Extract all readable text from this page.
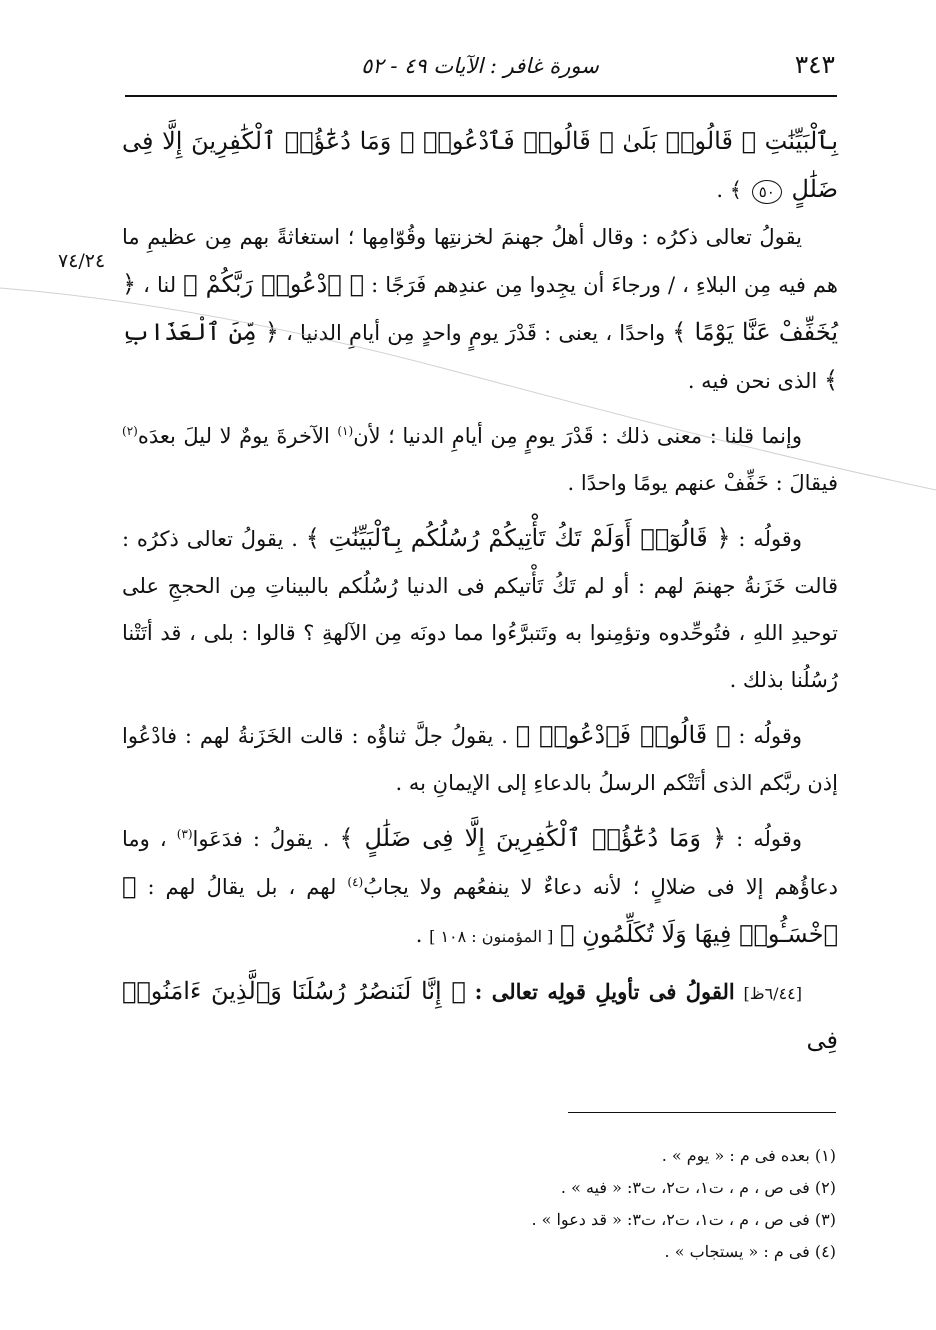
٣٤٣
سورة غافر : الآيات ٤٩ - ٥٢
٧٤/٢٤

بِٱلْبَيِّنَٰتِ ۖ قَالُوا۟ بَلَىٰ ۚ قَالُوا۟ فَٱدْعُوا۟ ۗ وَمَا دُعَٰٓؤُا۟ ٱلْكَٰفِرِينَ إِلَّا فِى ضَلَٰلٍ ٥٠ ﴾ .

يقولُ تعالى ذكرُه : وقال أهلُ جهنمَ لخزنتِها وقُوّامِها ؛ استغاثةً بهم مِن عظيمِ ما هم فيه مِن البلاءِ ، / ورجاءَ أن يجِدوا مِن عندِهم فَرَجًا : ﴿ ٱدْعُوا۟ رَبَّكُمْ ﴾ لنا ، ﴿ يُخَفِّفْ عَنَّا يَوْمًا ﴾ واحدًا ، يعنى : قَدْرَ يومٍ واحدٍ مِن أيامِ الدنيا ، ﴿ مِّنَ ٱلْعَذَابِ ﴾ الذى نحن فيه .

وإنما قلنا : معنى ذلك : قَدْرَ يومٍ مِن أيامِ الدنيا ؛ لأن$^{(١)}$ الآخرةَ يومٌ لا ليلَ بعدَه$^{(٢)}$ فيقالَ : خَفِّفْ عنهم يومًا واحدًا .

وقولُه : ﴿ قَالُوٓا۟ أَوَلَمْ تَكُ تَأْتِيكُمْ رُسُلُكُم بِٱلْبَيِّنَٰتِ ﴾ . يقولُ تعالى ذكرُه : قالت خَزَنةُ جهنمَ لهم : أو لم تَكُ تَأْتيكم فى الدنيا رُسُلُكم بالبيناتِ مِن الحججِ على توحيدِ اللهِ ، فتُوحِّدوه وتؤمِنوا به وتَتبرَّءُوا مما دونَه مِن الآلهةِ ؟ قالوا : بلى ، قد أتَتْنا رُسُلُنا بذلك .

وقولُه : ﴿ قَالُوا۟ فَٱدْعُوا۟ ﴾ . يقولُ جلَّ ثناؤُه : قالت الخَزَنةُ لهم : فادْعُوا إذن ربَّكم الذى أتَتْكم الرسلُ بالدعاءِ إلى الإيمانِ به .

وقولُه : ﴿ وَمَا دُعَٰٓؤُا۟ ٱلْكَٰفِرِينَ إِلَّا فِى ضَلَٰلٍ ﴾ . يقولُ : فدَعَوا$^{(٣)}$ ، وما دعاؤُهم إلا فى ضلالٍ ؛ لأنه دعاءٌ لا ينفعُهم ولا يجابُ$^{(٤)}$ لهم ، بل يقالُ لهم : ﴿ ٱخْسَـُٔوا۟ فِيهَا وَلَا تُكَلِّمُونِ ﴾ [ المؤمنون : ١٠٨ ] .

[٦/٤٤ظ] القولُ فى تأويلِ قولِه تعالى : ﴿ إِنَّا لَنَنصُرُ رُسُلَنَا وَٱلَّذِينَ ءَامَنُوا۟ فِى

(١) بعده فى م : « يوم » .

(٢) فى ص ، م ، ت١، ت٢، ت٣: « فيه » .

(٣) فى ص ، م ، ت١، ت٢، ت٣: « قد دعوا » .

(٤) فى م : « يستجاب » .
